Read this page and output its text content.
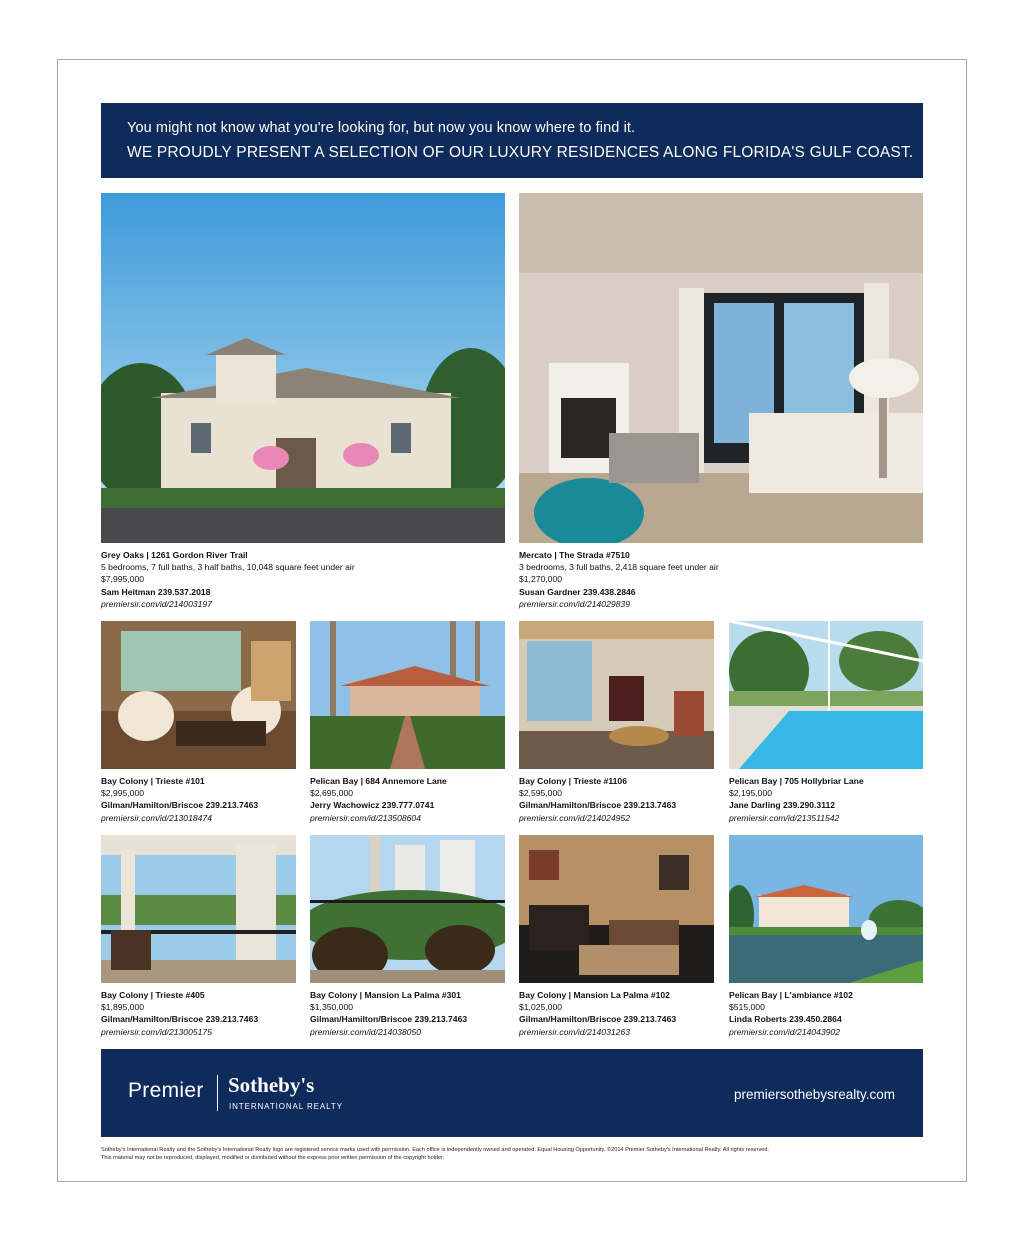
You might not know what you're looking for, but now you know where to find it.
WE PROUDLY PRESENT A SELECTION OF OUR LUXURY RESIDENCES ALONG FLORIDA'S GULF COAST.
Grey Oaks | 1261 Gordon River Trail
5 bedrooms, 7 full baths, 3 half baths, 10,048 square feet under air
$7,995,000
Sam Heitman 239.537.2018
premiersir.com/id/214003197
Mercato | The Strada #7510
3 bedrooms, 3 full baths, 2,418 square feet under air
$1,270,000
Susan Gardner 239.438.2846
premiersir.com/id/214029839
Bay Colony | Trieste #101
$2,995,000
Gilman/Hamilton/Briscoe 239.213.7463
premiersir.com/id/213018474
Pelican Bay | 684 Annemore Lane
$2,695,000
Jerry Wachowicz 239.777.0741
premiersir.com/id/213508604
Bay Colony | Trieste #1106
$2,595,000
Gilman/Hamilton/Briscoe 239.213.7463
premiersir.com/id/214024952
Pelican Bay | 705 Hollybriar Lane
$2,195,000
Jane Darling 239.290.3112
premiersir.com/id/213511542
Bay Colony | Trieste #405
$1,895,000
Gilman/Hamilton/Briscoe 239.213.7463
premiersir.com/id/213005175
Bay Colony | Mansion La Palma #301
$1,350,000
Gilman/Hamilton/Briscoe 239.213.7463
premiersir.com/id/214038050
Bay Colony | Mansion La Palma #102
$1,025,000
Gilman/Hamilton/Briscoe 239.213.7463
premiersir.com/id/214031263
Pelican Bay | L'ambiance #102
$515,000
Linda Roberts 239.450.2864
premiersir.com/id/214043902
Premier Sotheby's
INTERNATIONAL REALTY
premiersothebysrealty.com
Sotheby's International Realty and the Sotheby's International Realty logo are registered service marks used with permission. Each office is independently owned and operated. Equal Housing Opportunity. ©2014 Premier Sotheby's International Realty. All rights reserved.
This material may not be reproduced, displayed, modified or distributed without the express prior written permission of the copyright holder.
